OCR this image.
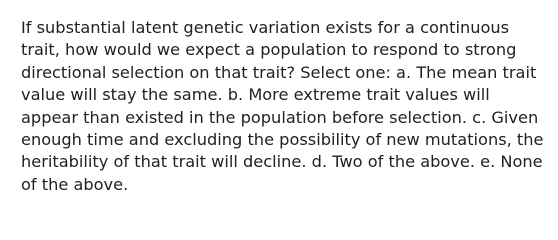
If substantial latent genetic variation exists for a continuous trait, how would we expect a population to respond to strong directional selection on that trait? Select one: a. The mean trait value will stay the same. b. More extreme trait values will appear than existed in the population before selection. c. Given enough time and excluding the possibility of new mutations, the heritability of that trait will decline. d. Two of the above. e. None of the above.
